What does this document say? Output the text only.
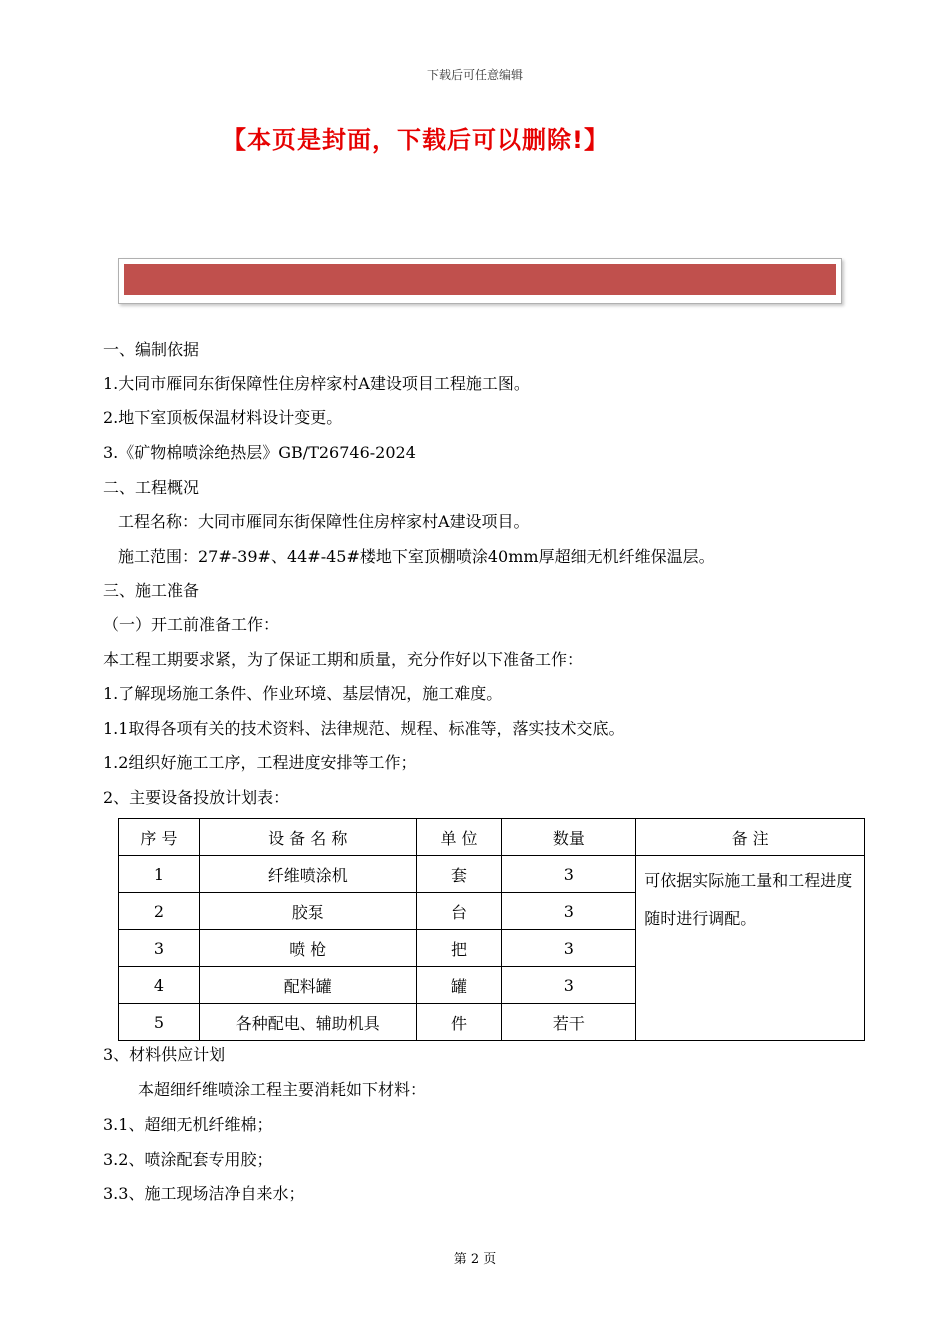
下载后可任意编辑
【本页是封面，下载后可以删除!】
一、编制依据
1.大同市雁同东街保障性住房梓家村A建设项目工程施工图。
2.地下室顶板保温材料设计变更。
3.《矿物棉喷涂绝热层》GB/T26746-2024
二、工程概况
工程名称：大同市雁同东街保障性住房梓家村A建设项目。
施工范围：27#-39#、44#-45#楼地下室顶棚喷涂40mm厚超细无机纤维保温层。
三、施工准备
（一）开工前准备工作：
本工程工期要求紧，为了保证工期和质量，充分作好以下准备工作：
1.了解现场施工条件、作业环境、基层情况，施工难度。
1.1取得各项有关的技术资料、法律规范、规程、标准等，落实技术交底。
1.2组织好施工工序，工程进度安排等工作；
2、主要设备投放计划表：
序 号	设 备 名 称	单 位	数量	备 注
1	纤维喷涂机	套	3	可依据实际施工量和工程进度随时进行调配。
2	胶泵	台	3	
3	喷 枪	把	3	
4	配料罐	罐	3	
5	各种配电、辅助机具	件	若干	
3、材料供应计划
本超细纤维喷涂工程主要消耗如下材料：
3.1、超细无机纤维棉；
3.2、喷涂配套专用胶；
3.3、施工现场洁净自来水；
第 2 页
